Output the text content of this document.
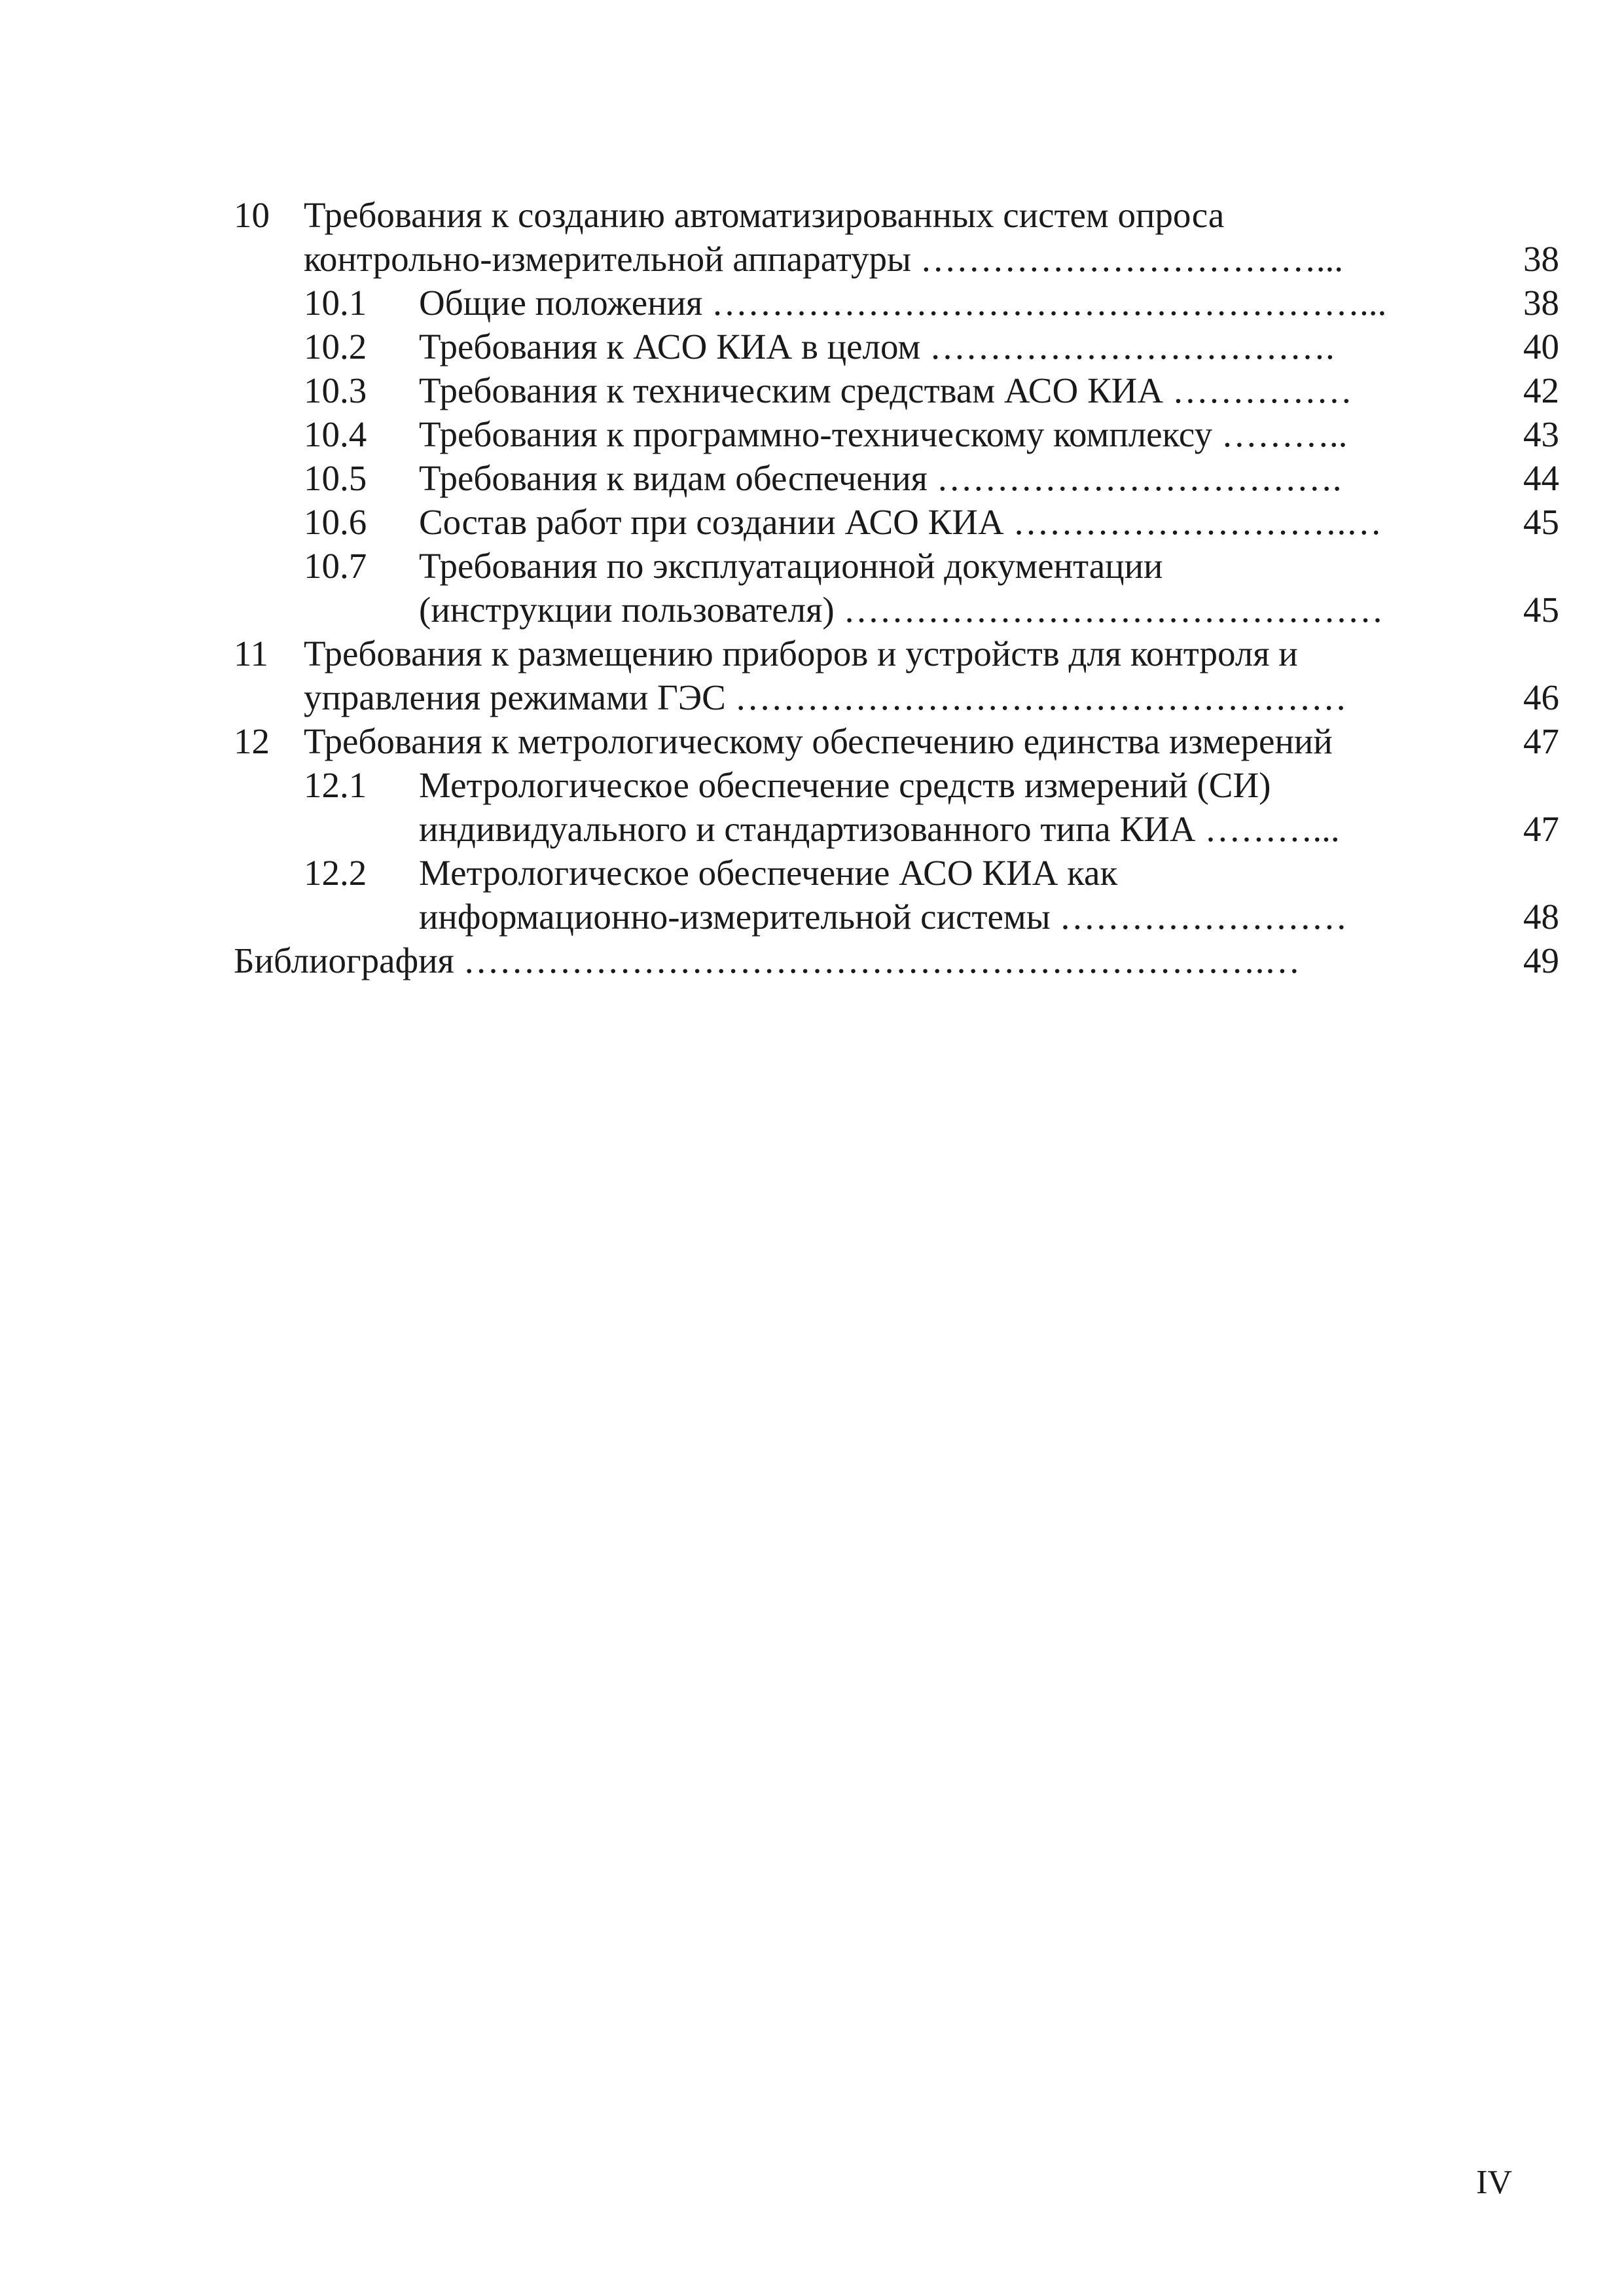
10 Требования к созданию автоматизированных систем опроса
контрольно-измерительной аппаратуры ……………………………...	38
10.1 Общие положения ………………………………………………...	38
10.2 Требования к АСО КИА в целом …………………………….	40
10.3 Требования к техническим средствам АСО КИА ……………	42
10.4 Требования к программно-техническому комплексу ………..	43
10.5 Требования к видам обеспечения …………………………….	44
10.6 Состав работ при создании АСО КИА ……………………….…	45
10.7 Требования по эксплуатационной документации
(инструкции пользователя) ………………………………………	45
11 Требования к размещению приборов и устройств для контроля и
управления режимами ГЭС ……………………………………………	46
12 Требования к метрологическому обеспечению единства измерений	47
12.1 Метрологическое обеспечение средств измерений (СИ)
индивидуального и стандартизованного типа КИА ………...	47
12.2 Метрологическое обеспечение АСО КИА как
информационно-измерительной системы ……………………	48
Библиография ………………………………………………………….…	49
IV
